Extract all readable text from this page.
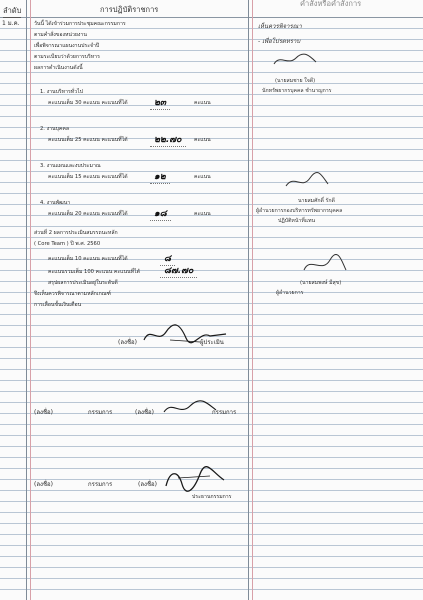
ลำดับ	การปฏิบัติราชการ
คำสั่งหรือคำสั่งการ
1 ม.ค.	วันนี้ ได้เข้าร่วมการประชุมคณะกรรมการ
ตามคำสั่งของหน่วยงาน
เพื่อพิจารณาแผนงานประจำปี
ตามระเบียบว่าด้วยการบริหาร
ผลการดำเนินงานดังนี้
1. งานบริหารทั่วไป
คะแนนเต็ม 30 คะแนน คะแนนที่ได้	๒๓	คะแนน
2. งานบุคคล
คะแนนเต็ม 25 คะแนน คะแนนที่ได้	๒๒.๗๐	คะแนน
3. งานแผนและงบประมาณ
คะแนนเต็ม 15 คะแนน คะแนนที่ได้	๑๒	คะแนน
4. งานพัฒนา
คะแนนเต็ม 20 คะแนน คะแนนที่ได้	๑๘	คะแนน
ส่วนที่ 2 ผลการประเมินสมรรถนะหลัก
( Core Team ) ปี พ.ศ. 2560
คะแนนเต็ม 10 คะแนน คะแนนที่ได้	๘
คะแนนรวมเต็ม 100 คะแนน คะแนนที่ได้	๘๗.๗๐
สรุปผลการประเมินอยู่ในระดับดี
จึงเห็นควรพิจารณาตามหลักเกณฑ์
การเลื่อนขั้นเงินเดือน
(ลงชื่อ)	ผู้ประเมิน
(ลงชื่อ)	กรรมการ	(ลงชื่อ)	กรรมการ
(ลงชื่อ)	กรรมการ	(ลงชื่อ)
ประธานกรรมการ
เห็นควรพิจารณา
- เพื่อโปรดทราบ
(นายสมชาย ใจดี)
นักทรัพยากรบุคคล ชำนาญการ
นายสมศักดิ์ รักดี
ผู้อำนวยการกองบริหารทรัพยากรบุคคล
ปฏิบัติหน้าที่แทน
(นายสมพงษ์ มีสุข)
ผู้อำนวยการ
